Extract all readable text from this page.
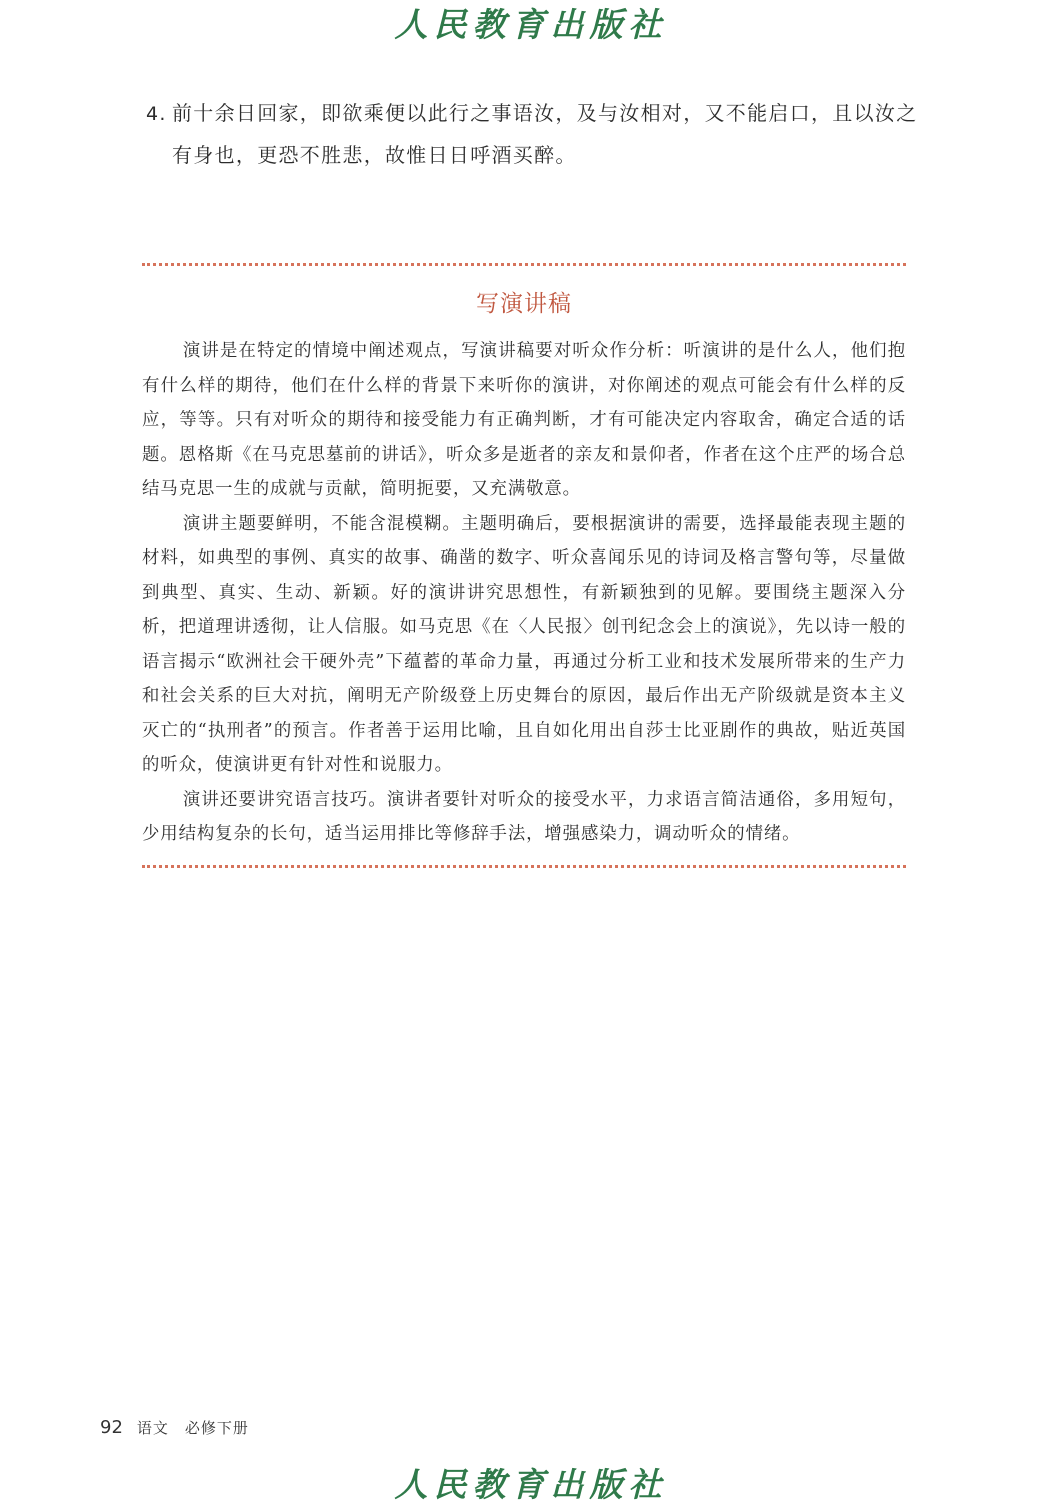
人民教育出版社
4. 前十余日回家，即欲乘便以此行之事语汝，及与汝相对，又不能启口，且以汝之
有身也，更恐不胜悲，故惟日日呼酒买醉。
写演讲稿

演讲是在特定的情境中阐述观点，写演讲稿要对听众作分析：听演讲的是什么人，他们抱有什么样的期待，他们在什么样的背景下来听你的演讲，对你阐述的观点可能会有什么样的反应，等等。只有对听众的期待和接受能力有正确判断，才有可能决定内容取舍，确定合适的话题。恩格斯《在马克思墓前的讲话》，听众多是逝者的亲友和景仰者，作者在这个庄严的场合总结马克思一生的成就与贡献，简明扼要，又充满敬意。

演讲主题要鲜明，不能含混模糊。主题明确后，要根据演讲的需要，选择最能表现主题的材料，如典型的事例、真实的故事、确凿的数字、听众喜闻乐见的诗词及格言警句等，尽量做到典型、真实、生动、新颖。好的演讲讲究思想性，有新颖独到的见解。要围绕主题深入分析，把道理讲透彻，让人信服。如马克思《在〈人民报〉创刊纪念会上的演说》，先以诗一般的语言揭示“欧洲社会干硬外壳”下蕴蓄的革命力量，再通过分析工业和技术发展所带来的生产力和社会关系的巨大对抗，阐明无产阶级登上历史舞台的原因，最后作出无产阶级就是资本主义灭亡的“执刑者”的预言。作者善于运用比喻，且自如化用出自莎士比亚剧作的典故，贴近英国的听众，使演讲更有针对性和说服力。

演讲还要讲究语言技巧。演讲者要针对听众的接受水平，力求语言简洁通俗，多用短句，少用结构复杂的长句，适当运用排比等修辞手法，增强感染力，调动听众的情绪。

92 语文　必修下册
人民教育出版社
